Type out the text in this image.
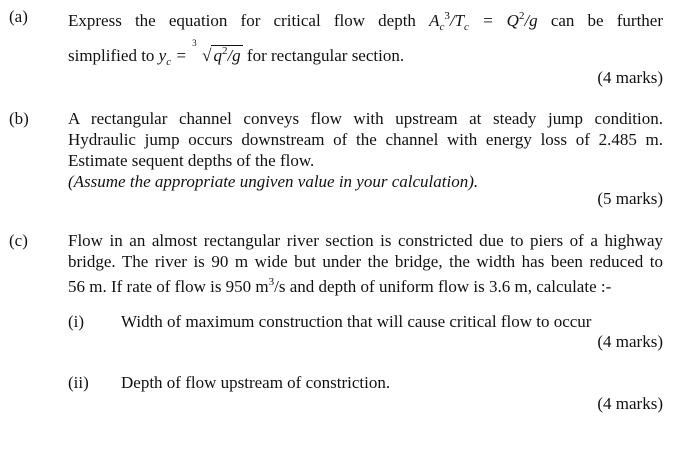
(a) Express the equation for critical flow depth $A_c^3/T_c = Q^2/g$ can be further
simplified to $y_c$ =
3
√ $q^2/g$ for rectangular section.
(4 marks)
(b) A rectangular channel conveys flow with upstream at steady jump condition.
Hydraulic jump occurs downstream of the channel with energy loss of 2.485 m.
Estimate sequent depths of the flow.
(Assume the appropriate ungiven value in your calculation).
(5 marks)
(c) Flow in an almost rectangular river section is constricted due to piers of a highway
bridge. The river is 90 m wide but under the bridge, the width has been reduced to
56 m. If rate of flow is 950 $m^3/s$ and depth of uniform flow is 3.6 m, calculate :-
(i) Width of maximum construction that will cause critical flow to occur
(4 marks)
(ii) Depth of flow upstream of constriction.
(4 marks)
